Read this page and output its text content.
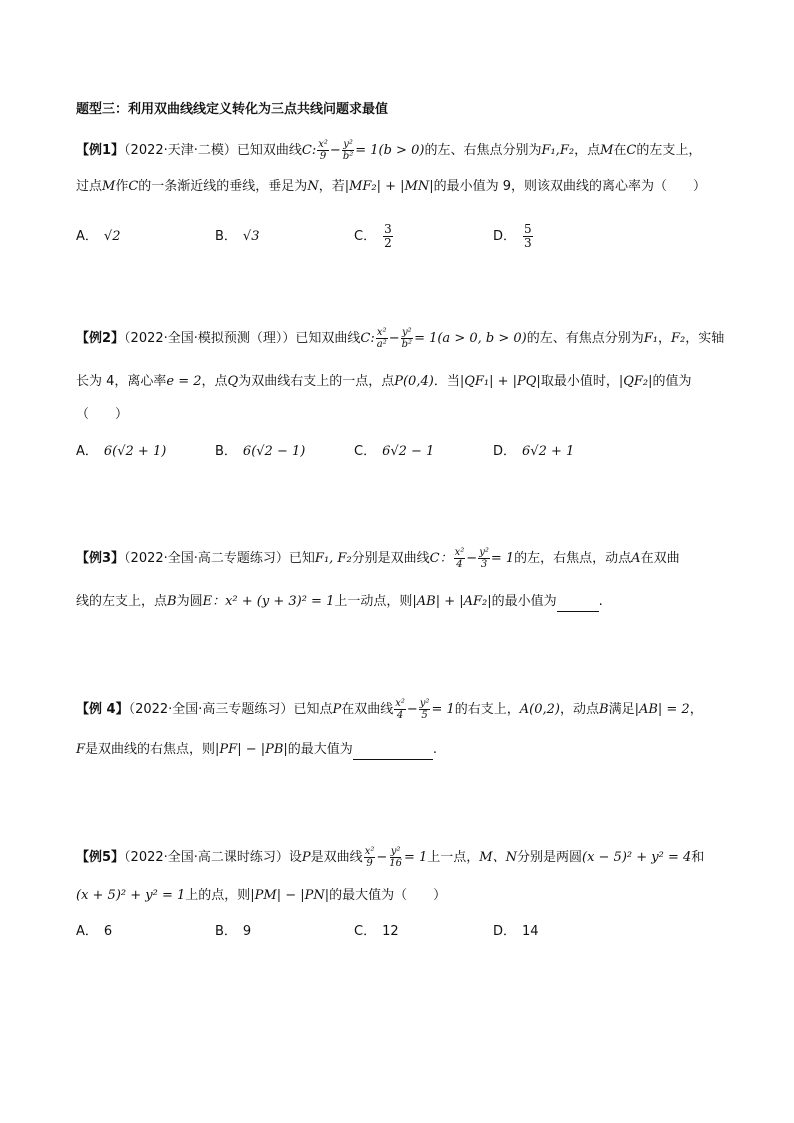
题型三：利用双曲线线定义转化为三点共线问题求最值
【例1】（2022·天津·二模）已知双曲线C: $\frac{\text{x²}}{9} - \frac{\text{y²}}{\text{b²}} = 1(b > 0)$的左、右焦点分别为F₁,F₂，点M在C的左支上，
过点M作C的一条渐近线的垂线，垂足为N，若|MF₂| + |MN|的最小值为 9，则该双曲线的离心率为（　　）
A． √2	B． √3	C． $\frac{3}{2}$	D． $\frac{5}{3}$
【例2】（2022·全国·模拟预测（理））已知双曲线C: $\frac{\text{x²}}{\text{a²}} - \frac{\text{y²}}{\text{b²}} = 1(a > 0$, b > 0)的左、有焦点分别为F₁，F₂，实轴
长为 4，离心率e = 2，点Q为双曲线右支上的一点，点P(0,4)．当|QF₁| + |PQ|取最小值时，|QF₂|的值为
（　　）
A． 6(√2 + 1)	B． 6(√2 − 1)	C． 6√2 − 1	D． 6√2 + 1
【例3】（2022·全国·高二专题练习）已知F₁, F₂分别是双曲线C： $\frac{\text{x²}}{4} - \frac{\text{y²}}{3} = 1$的左，右焦点，动点A在双曲
线的左支上，点B为圆E：x² + (y + 3)² = 1上一动点，则|AB| + |AF₂|的最小值为	.
【例 4】（2022·全国·高三专题练习）已知点P在双曲线 $\frac{\text{x²}}{4} - \frac{\text{y²}}{5} = 1$的右支上，A(0,2)，动点B满足|AB| = 2，
F是双曲线的右焦点，则|PF| − |PB|的最大值为	.
【例5】（2022·全国·高二课时练习）设P是双曲线 $\frac{\text{x²}}{9} - \frac{\text{y²}}{16} = 1$上一点，M、N分别是两圆(x − 5)² + y² = 4和
(x + 5)² + y² = 1上的点，则|PM| − |PN|的最大值为（　　）
A． 6	B． 9	C． 12	D． 14
